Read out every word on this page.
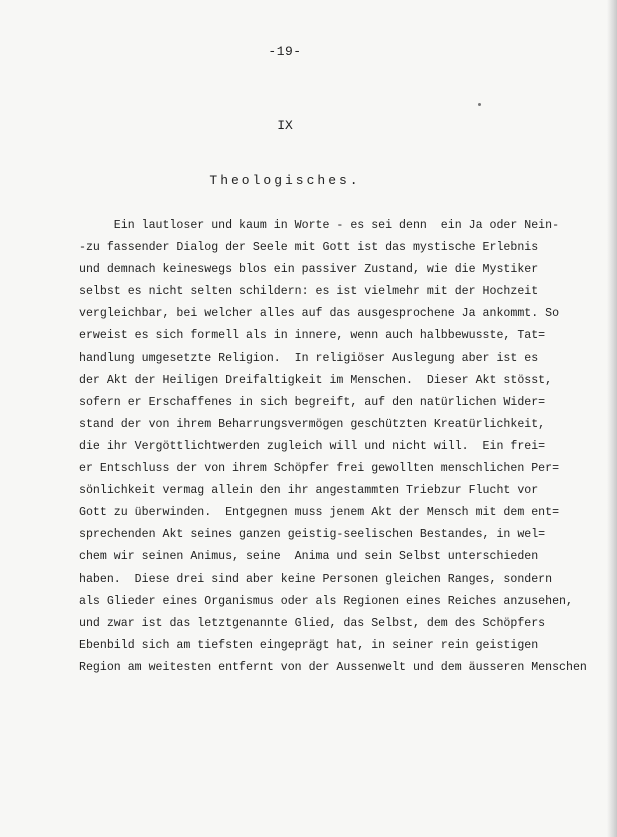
-19-
IX
Theologisches.
Ein lautloser und kaum in Worte - es sei denn  ein Ja oder Nein-
-zu fassender Dialog der Seele mit Gott ist das mystische Erlebnis
und demnach keineswegs blos ein passiver Zustand, wie die Mystiker
selbst es nicht selten schildern: es ist vielmehr mit der Hochzeit
vergleichbar, bei welcher alles auf das ausgesprochene Ja ankommt. So
erweist es sich formell als in innere, wenn auch halbbewusste, Tat=
handlung umgesetzte Religion.  In religiöser Auslegung aber ist es
der Akt der Heiligen Dreifaltigkeit im Menschen.  Dieser Akt stösst,
sofern er Erschaffenes in sich begreift, auf den natürlichen Wider=
stand der von ihrem Beharrungsvermögen geschützten Kreatürlichkeit,
die ihr Vergöttlichtwerden zugleich will und nicht will.  Ein frei=
er Entschluss der von ihrem Schöpfer frei gewollten menschlichen Per=
sönlichkeit vermag allein den ihr angestammten Triebzur Flucht vor
Gott zu überwinden.  Entgegnen muss jenem Akt der Mensch mit dem ent=
sprechenden Akt seines ganzen geistig-seelischen Bestandes, in wel=
chem wir seinen Animus, seine  Anima und sein Selbst unterschieden
haben.  Diese drei sind aber keine Personen gleichen Ranges, sondern
als Glieder eines Organismus oder als Regionen eines Reiches anzusehen,
und zwar ist das letztgenannte Glied, das Selbst, dem des Schöpfers
Ebenbild sich am tiefsten eingeprägt hat, in seiner rein geistigen
Region am weitesten entfernt von der Aussenwelt und dem äusseren Menschen
